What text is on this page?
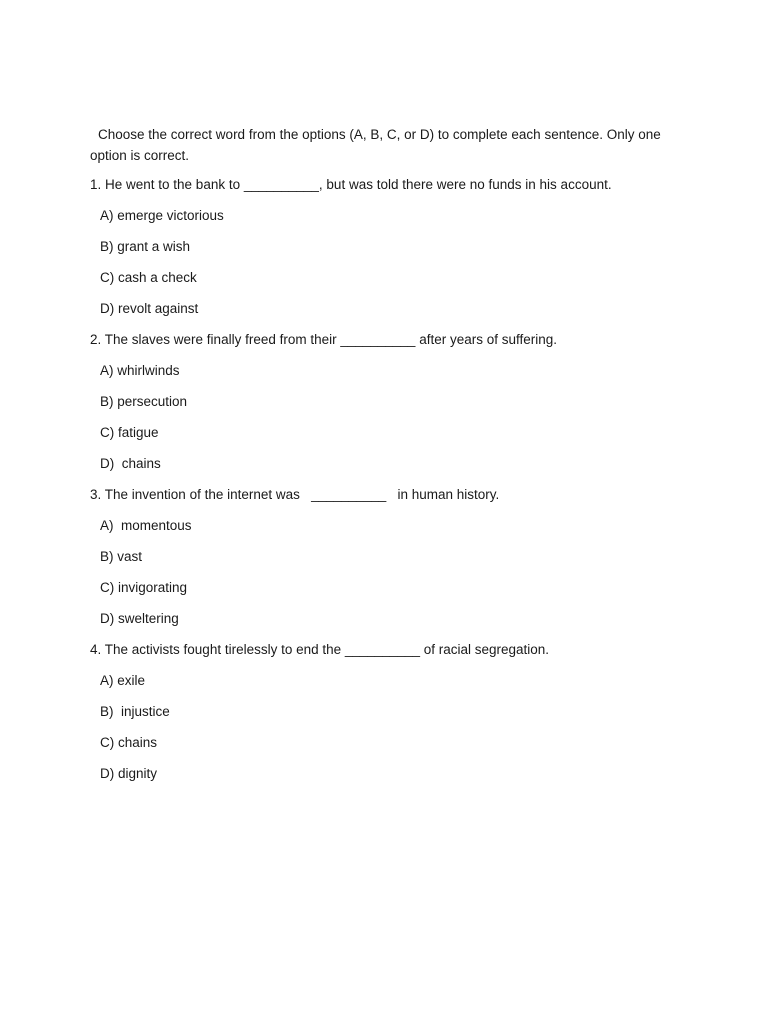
Choose the correct word from the options (A, B, C, or D) to complete each sentence. Only one option is correct.

1. He went to the bank to __________, but was told there were no funds in his account.

A) emerge victorious
B) grant a wish
C) cash a check
D) revolt against

2. The slaves were finally freed from their __________ after years of suffering.

A) whirlwinds
B) persecution
C) fatigue
D)  chains

3. The invention of the internet was   __________   in human history.

A)  momentous
B) vast
C) invigorating
D) sweltering

4. The activists fought tirelessly to end the __________ of racial segregation.

A) exile
B)  injustice
C) chains
D) dignity
